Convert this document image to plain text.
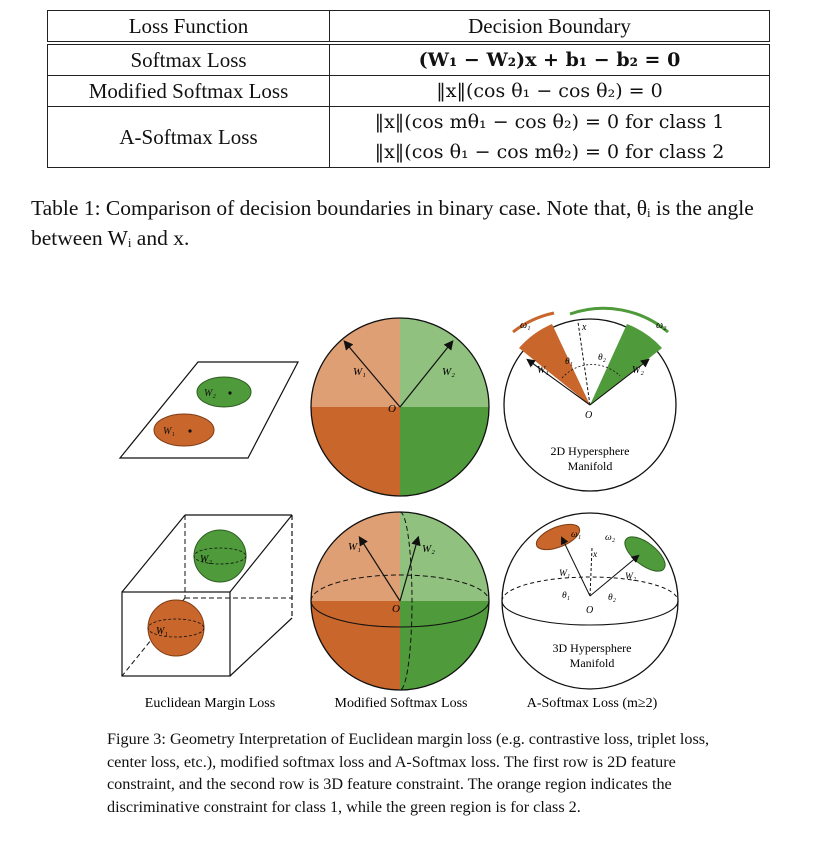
Loss Function	Decision Boundary
Softmax Loss	(W₁ − W₂)x + b₁ − b₂ = 0
Modified Softmax Loss	‖x‖(cos θ₁ − cos θ₂) = 0
A-Softmax Loss	‖x‖(cos mθ₁ − cos θ₂) = 0 for class 1
‖x‖(cos θ₁ − cos mθ₂) = 0 for class 2
Table 1: Comparison of decision boundaries in binary case. Note that, θᵢ is the angle between Wᵢ and x.
W₂
W₁
W₁	W₂
O
ω₁	ω₂
x
θ₁	θ₂
W₁	W₂
O
2D Hypersphere
Manifold
W₂
W₁
W₁	W₂
O
ω₁	ω₂
x
W₁	W₂
θ₁	θ₂
O
3D Hypersphere
Manifold
Euclidean Margin Loss	Modified Softmax Loss	A-Softmax Loss (m≥2)
Figure 3: Geometry Interpretation of Euclidean margin loss (e.g. contrastive loss, triplet loss, center loss, etc.), modified softmax loss and A-Softmax loss. The first row is 2D feature constraint, and the second row is 3D feature constraint. The orange region indicates the discriminative constraint for class 1, while the green region is for class 2.
